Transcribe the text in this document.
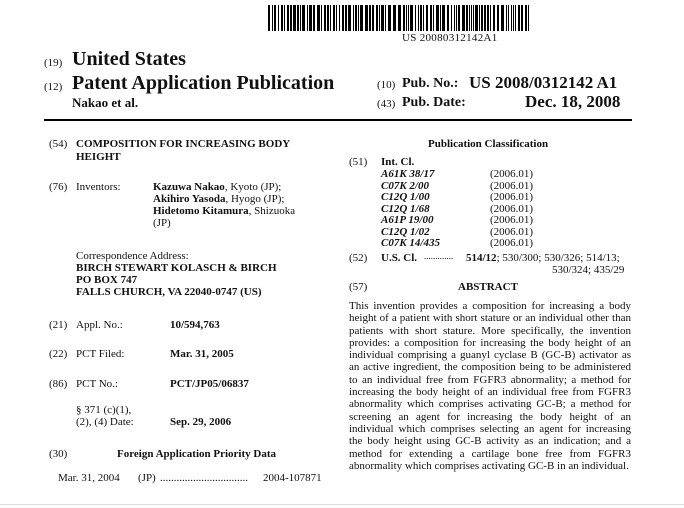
US 20080312142A1
(19) United States
(12) Patent Application Publication
Nakao et al.
(10) Pub. No.: US 2008/0312142 A1
(43) Pub. Date:	Dec. 18, 2008
(54) COMPOSITION FOR INCREASING BODY
HEIGHT
(76) Inventors:	Kazuwa Nakao, Kyoto (JP);
Akihiro Yasoda, Hyogo (JP);
Hidetomo Kitamura, Shizuoka
(JP)
Correspondence Address:
BIRCH STEWART KOLASCH & BIRCH
PO BOX 747
FALLS CHURCH, VA 22040-0747 (US)
(21) Appl. No.:	10/594,763
(22) PCT Filed:	Mar. 31, 2005
(86) PCT No.:	PCT/JP05/06837
§ 371 (c)(1),
(2), (4) Date:	Sep. 29, 2006
(30)	Foreign Application Priority Data
Mar. 31, 2004 (JP) ................................ 2004-107871
Publication Classification
(51) Int. Cl.
A61K 38/17	(2006.01)
C07K 2/00	(2006.01)
C12Q 1/00	(2006.01)
C12Q 1/68	(2006.01)
A61P 19/00	(2006.01)
C12Q 1/02	(2006.01)
C07K 14/435	(2006.01)
(52) U.S. Cl. ............. 514/12; 530/300; 530/326; 514/13;
530/324; 435/29
(57)	ABSTRACT
This invention provides a composition for increasing a body height of a patient with short stature or an individual other than patients with short stature. More specifically, the invention provides: a composition for increasing the body height of an individual comprising a guanyl cyclase B (GC-B) activator as an active ingredient, the composition being to be administered to an individual free from FGFR3 abnormality; a method for increasing the body height of an individual free from FGFR3 abnormality which comprises activating GC-B; a method for screening an agent for increasing the body height of an individual which comprises selecting an agent for increasing the body height using GC-B activity as an indication; and a method for extending a cartilage bone free from FGFR3 abnormality which comprises activating GC-B in an individual.
